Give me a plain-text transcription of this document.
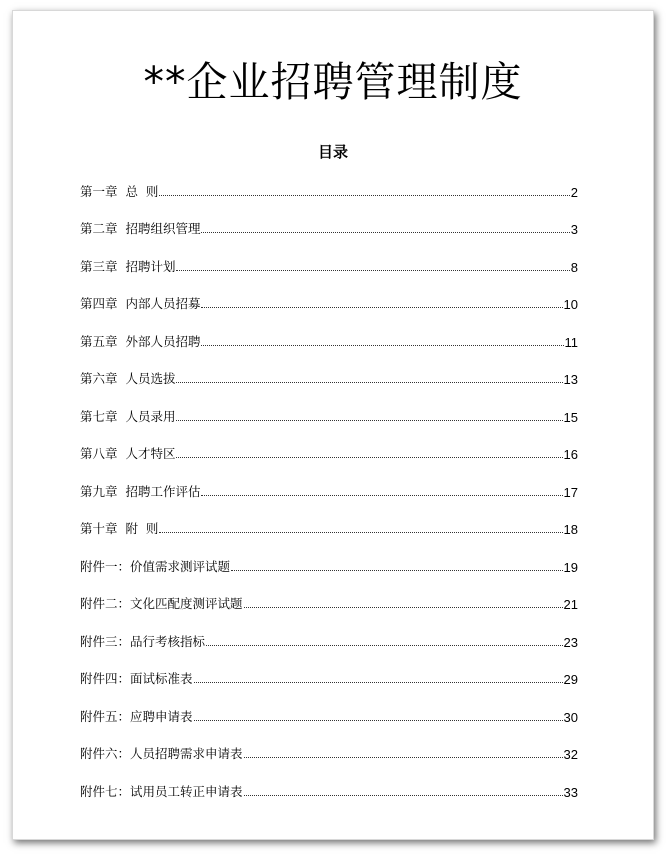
**企业招聘管理制度
目录
第一章  总  则	2
第二章  招聘组织管理	3
第三章  招聘计划	8
第四章  内部人员招募	10
第五章  外部人员招聘	11
第六章  人员选拔	13
第七章  人员录用	15
第八章  人才特区	16
第九章  招聘工作评估	17
第十章  附  则	18
附件一：价值需求测评试题	19
附件二：文化匹配度测评试题	21
附件三：品行考核指标	23
附件四：面试标准表	29
附件五：应聘申请表	30
附件六：人员招聘需求申请表	32
附件七：试用员工转正申请表	33
